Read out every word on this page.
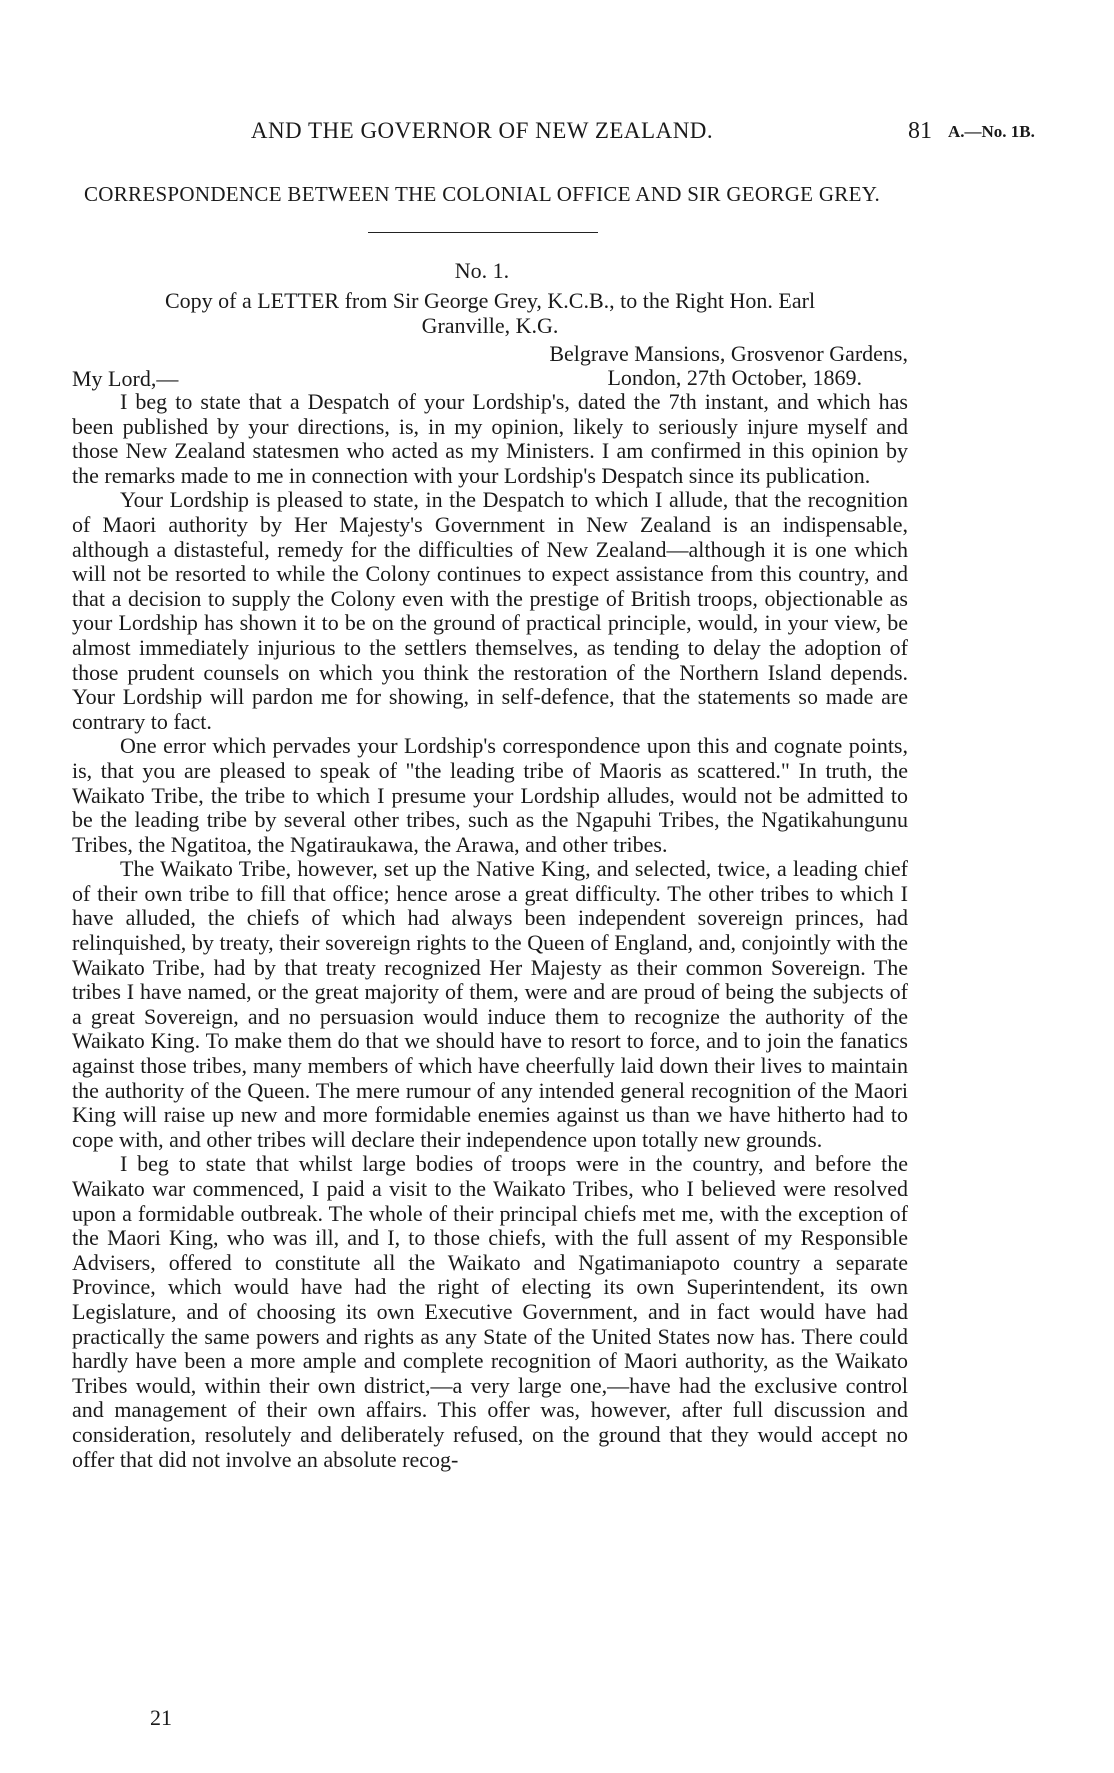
AND THE GOVERNOR OF NEW ZEALAND.	81 A.—No. 1B.
CORRESPONDENCE BETWEEN THE COLONIAL OFFICE AND SIR GEORGE GREY.
No. 1.
Copy of a LETTER from Sir George Grey, K.C.B., to the Right Hon. Earl
Granville, K.G.
Belgrave Mansions, Grosvenor Gardens,
London, 27th October, 1869.
My Lord,—

I beg to state that a Despatch of your Lordship's, dated the 7th instant, and which has been published by your directions, is, in my opinion, likely to seriously injure myself and those New Zealand statesmen who acted as my Ministers. I am confirmed in this opinion by the remarks made to me in connection with your Lordship's Despatch since its publication.

Your Lordship is pleased to state, in the Despatch to which I allude, that the recognition of Maori authority by Her Majesty's Government in New Zealand is an indispensable, although a distasteful, remedy for the difficulties of New Zealand—although it is one which will not be resorted to while the Colony continues to expect assistance from this country, and that a decision to supply the Colony even with the prestige of British troops, objectionable as your Lordship has shown it to be on the ground of practical principle, would, in your view, be almost immediately injurious to the settlers themselves, as tending to delay the adoption of those prudent counsels on which you think the restoration of the Northern Island depends. Your Lordship will pardon me for showing, in self-defence, that the statements so made are contrary to fact.

One error which pervades your Lordship's correspondence upon this and cognate points, is, that you are pleased to speak of "the leading tribe of Maoris as scattered." In truth, the Waikato Tribe, the tribe to which I presume your Lordship alludes, would not be admitted to be the leading tribe by several other tribes, such as the Ngapuhi Tribes, the Ngatikahungunu Tribes, the Ngatitoa, the Ngatiraukawa, the Arawa, and other tribes.

The Waikato Tribe, however, set up the Native King, and selected, twice, a leading chief of their own tribe to fill that office; hence arose a great difficulty. The other tribes to which I have alluded, the chiefs of which had always been independent sovereign princes, had relinquished, by treaty, their sovereign rights to the Queen of England, and, conjointly with the Waikato Tribe, had by that treaty recognized Her Majesty as their common Sovereign. The tribes I have named, or the great majority of them, were and are proud of being the subjects of a great Sovereign, and no persuasion would induce them to recognize the authority of the Waikato King. To make them do that we should have to resort to force, and to join the fanatics against those tribes, many members of which have cheerfully laid down their lives to maintain the authority of the Queen. The mere rumour of any intended general recognition of the Maori King will raise up new and more formidable enemies against us than we have hitherto had to cope with, and other tribes will declare their independence upon totally new grounds.

I beg to state that whilst large bodies of troops were in the country, and before the Waikato war commenced, I paid a visit to the Waikato Tribes, who I believed were resolved upon a formidable outbreak. The whole of their principal chiefs met me, with the exception of the Maori King, who was ill, and I, to those chiefs, with the full assent of my Responsible Advisers, offered to constitute all the Waikato and Ngatimaniapoto country a separate Province, which would have had the right of electing its own Superintendent, its own Legislature, and of choosing its own Executive Government, and in fact would have had practically the same powers and rights as any State of the United States now has. There could hardly have been a more ample and complete recognition of Maori authority, as the Waikato Tribes would, within their own district,—a very large one,—have had the exclusive control and management of their own affairs. This offer was, however, after full discussion and consideration, resolutely and deliberately refused, on the ground that they would accept no offer that did not involve an absolute recog-

21
